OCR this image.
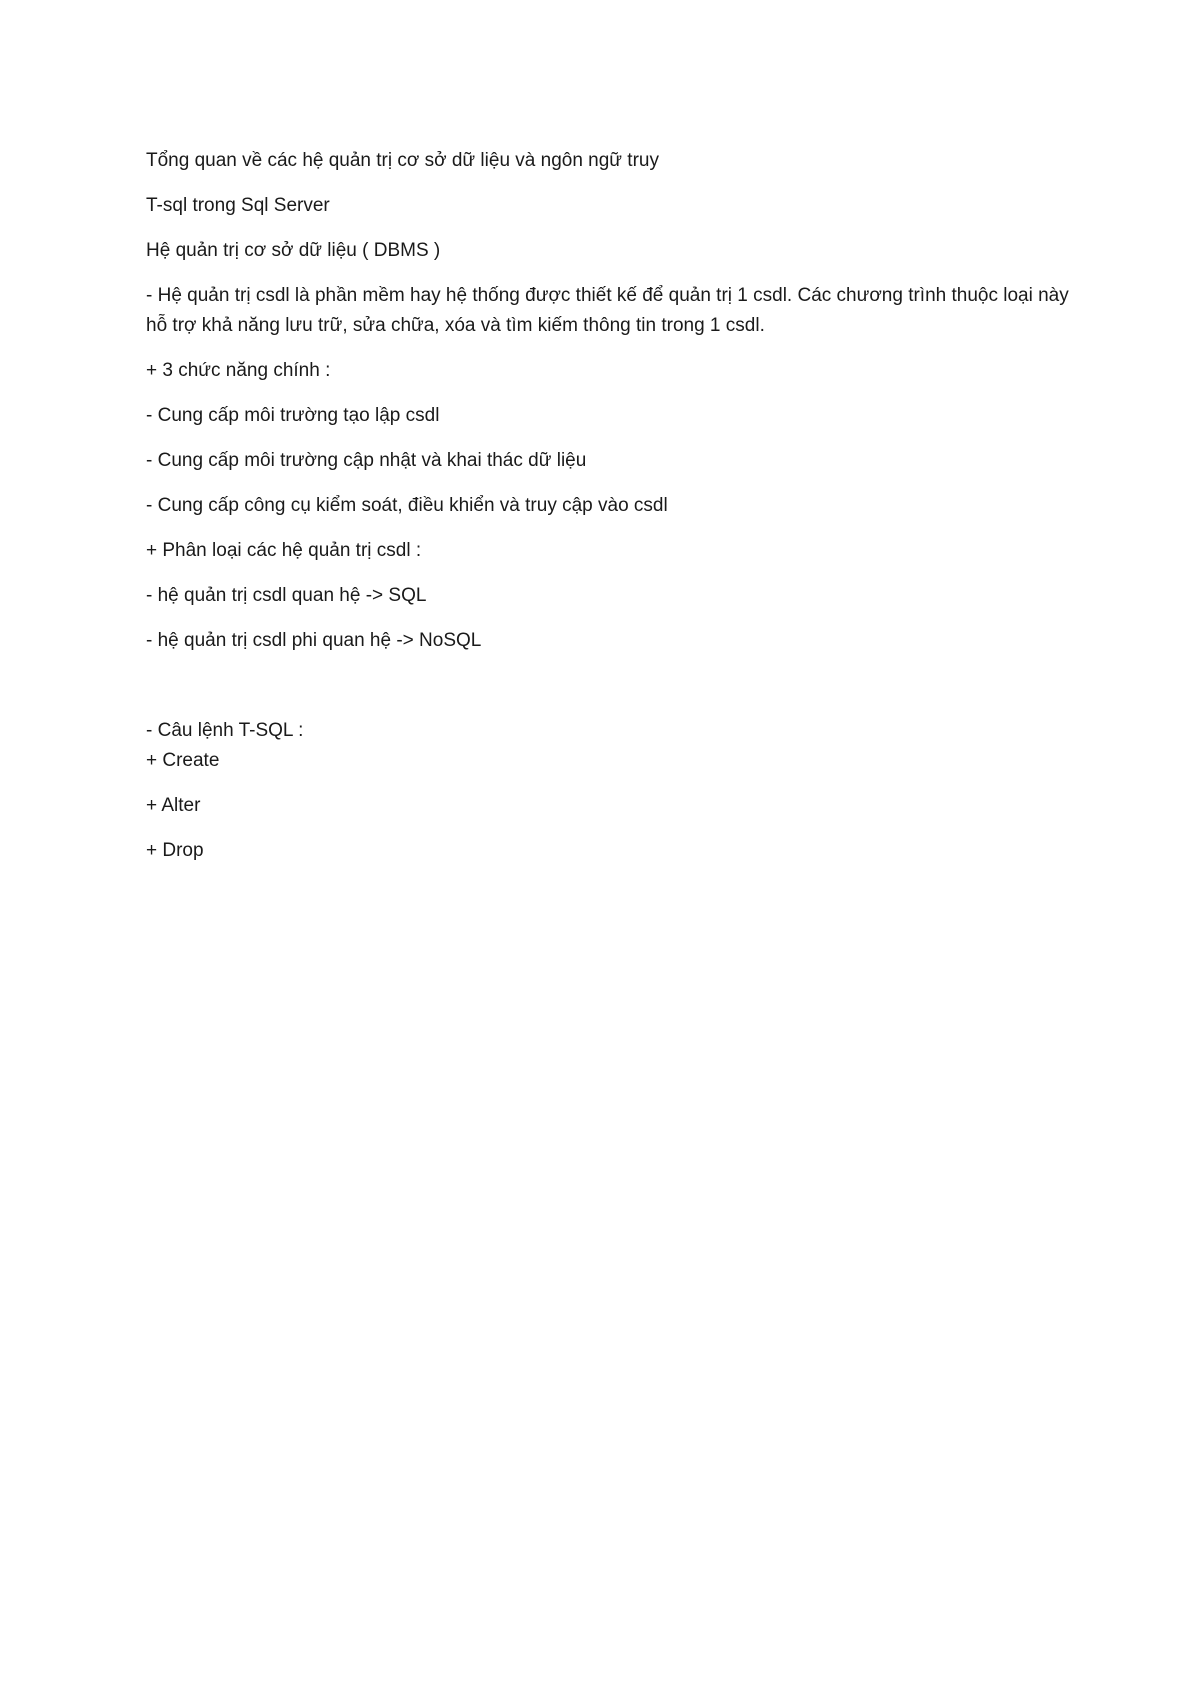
Tổng quan về các hệ quản trị cơ sở dữ liệu và ngôn ngữ truy

T-sql trong Sql Server

Hệ quản trị cơ sở dữ liệu ( DBMS )

- Hệ quản trị csdl là phần mềm hay hệ thống được thiết kế để quản trị 1 csdl. Các chương trình thuộc loại này hỗ trợ khả năng lưu trữ, sửa chữa, xóa và tìm kiếm thông tin trong 1 csdl.

+ 3 chức năng chính :

- Cung cấp môi trường tạo lập csdl

- Cung cấp môi trường cập nhật và khai thác dữ liệu

- Cung cấp công cụ kiểm soát, điều khiển và truy cập vào csdl

+ Phân loại các hệ quản trị csdl :

- hệ quản trị csdl quan hệ -> SQL

- hệ quản trị csdl phi quan hệ -> NoSQL

- Câu lệnh T-SQL :

+ Create

+ Alter

+ Drop
